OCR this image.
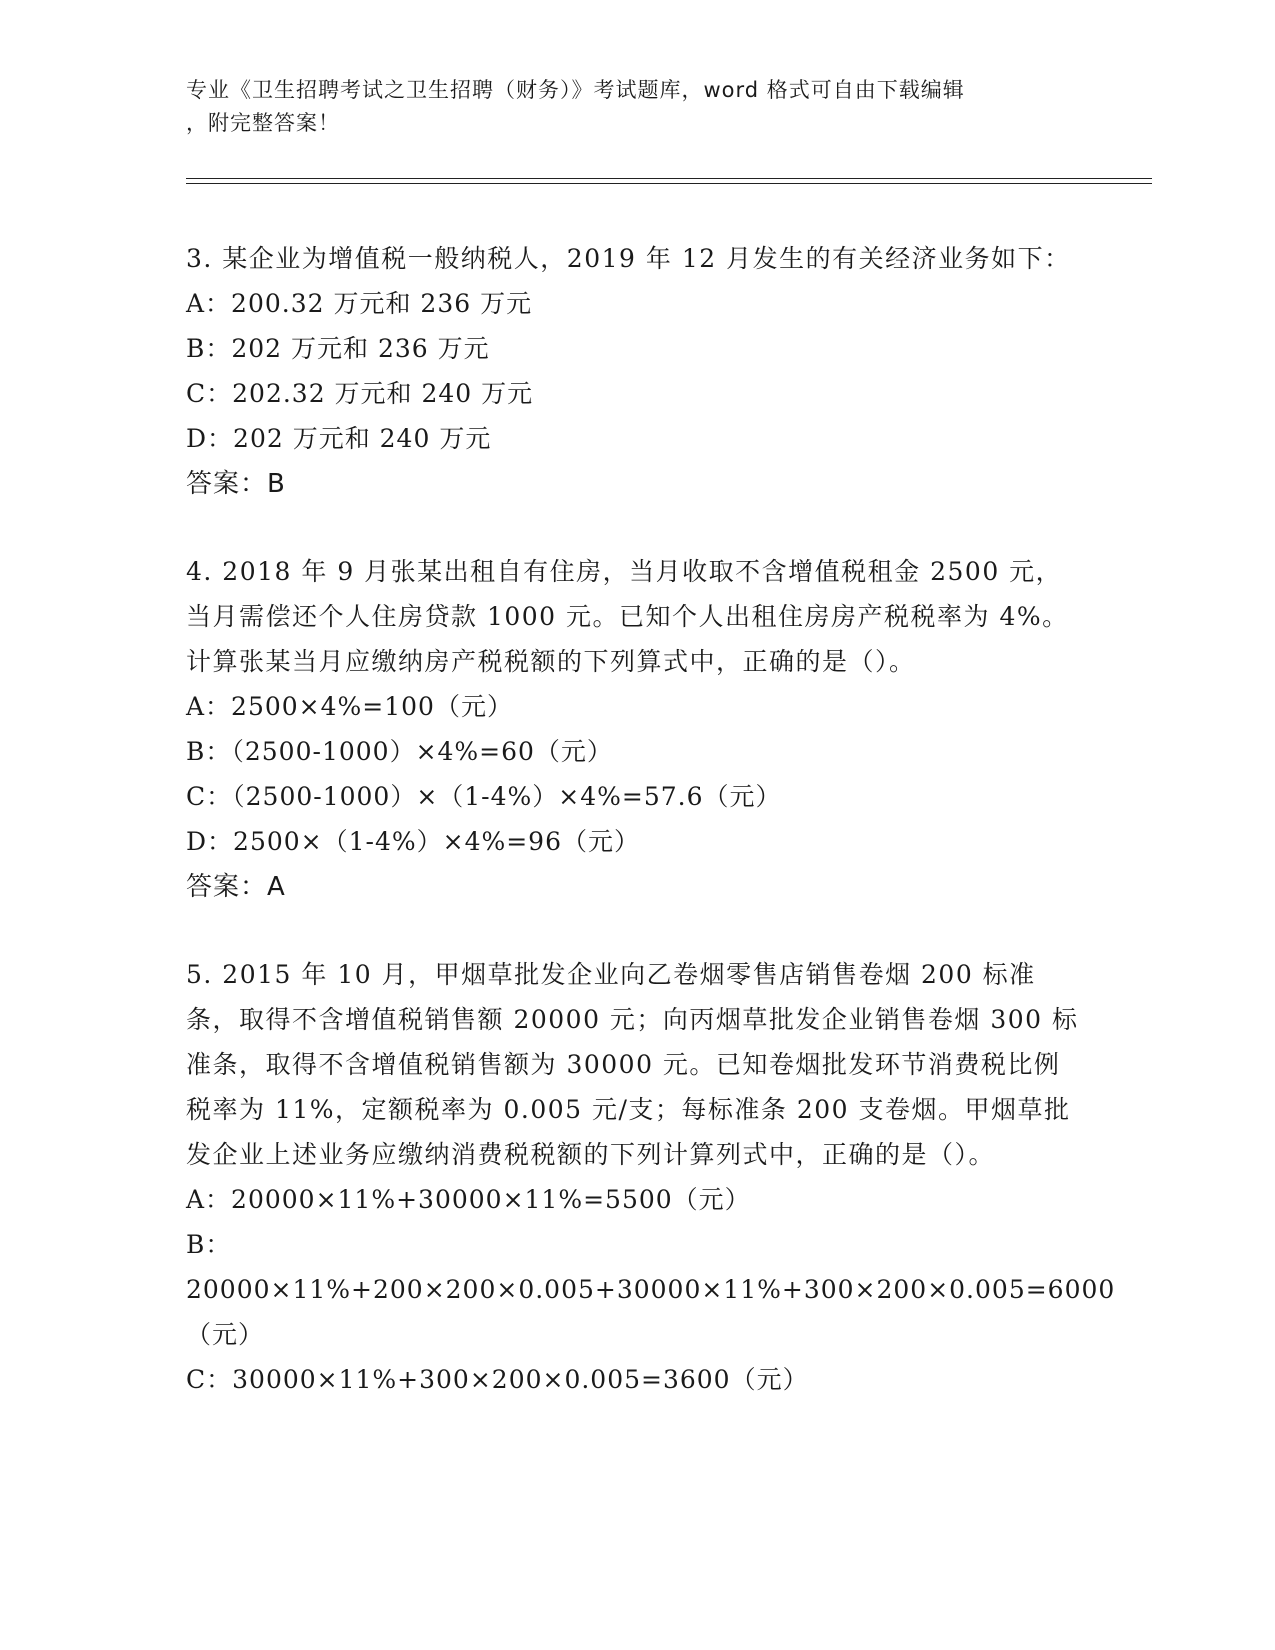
专业《卫生招聘考试之卫生招聘（财务）》考试题库，word 格式可自由下载编辑
，附完整答案！
3. 某企业为增值税一般纳税人，2019 年 12 月发生的有关经济业务如下：
A：200.32 万元和 236 万元
B：202 万元和 236 万元
C：202.32 万元和 240 万元
D：202 万元和 240 万元
答案：B
4. 2018 年 9 月张某出租自有住房，当月收取不含增值税租金 2500 元，当月需偿还个人住房贷款 1000 元。已知个人出租住房房产税税率为 4%。计算张某当月应缴纳房产税税额的下列算式中，正确的是（）。
A：2500×4%=100（元）
B：（2500-1000）×4%=60（元）
C：（2500-1000）×（1-4%）×4%=57.6（元）
D：2500×（1-4%）×4%=96（元）
答案：A
5. 2015 年 10 月，甲烟草批发企业向乙卷烟零售店销售卷烟 200 标准条，取得不含增值税销售额 20000 元；向丙烟草批发企业销售卷烟 300 标准条，取得不含增值税销售额为 30000 元。已知卷烟批发环节消费税比例税率为 11%，定额税率为 0.005 元/支；每标准条 200 支卷烟。甲烟草批发企业上述业务应缴纳消费税税额的下列计算列式中，正确的是（）。
A：20000×11%+30000×11%=5500（元）
B：20000×11%+200×200×0.005+30000×11%+300×200×0.005=6000（元）
C：30000×11%+300×200×0.005=3600（元）
